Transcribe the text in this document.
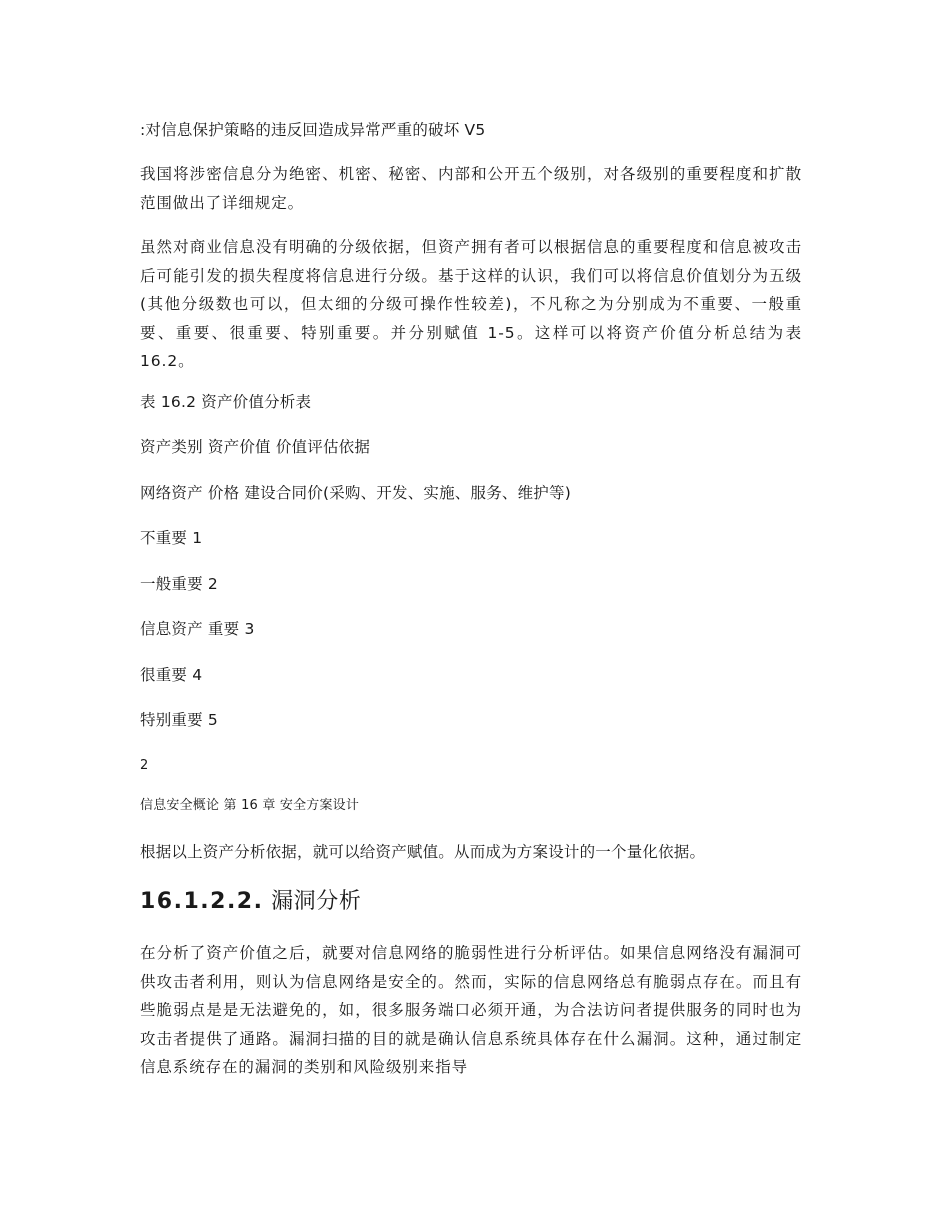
:对信息保护策略的违反回造成异常严重的破坏 V5
我国将涉密信息分为绝密、机密、秘密、内部和公开五个级别，对各级别的重要程度和扩散范围做出了详细规定。
虽然对商业信息没有明确的分级依据，但资产拥有者可以根据信息的重要程度和信息被攻击后可能引发的损失程度将信息进行分级。基于这样的认识，我们可以将信息价值划分为五级(其他分级数也可以，但太细的分级可操作性较差)，不凡称之为分别成为不重要、一般重要、重要、很重要、特别重要。并分别赋值 1-5。这样可以将资产价值分析总结为表 16.2。
表 16.2 资产价值分析表
资产类别 资产价值 价值评估依据
网络资产 价格 建设合同价(采购、开发、实施、服务、维护等)
不重要 1
一般重要 2
信息资产 重要 3
很重要 4
特别重要 5
2
信息安全概论 第 16 章 安全方案设计
根据以上资产分析依据，就可以给资产赋值。从而成为方案设计的一个量化依据。
16.1.2.2. 漏洞分析
在分析了资产价值之后，就要对信息网络的脆弱性进行分析评估。如果信息网络没有漏洞可供攻击者利用，则认为信息网络是安全的。然而，实际的信息网络总有脆弱点存在。而且有些脆弱点是是无法避免的，如，很多服务端口必须开通，为合法访问者提供服务的同时也为攻击者提供了通路。漏洞扫描的目的就是确认信息系统具体存在什么漏洞。这种，通过制定信息系统存在的漏洞的类别和风险级别来指导
